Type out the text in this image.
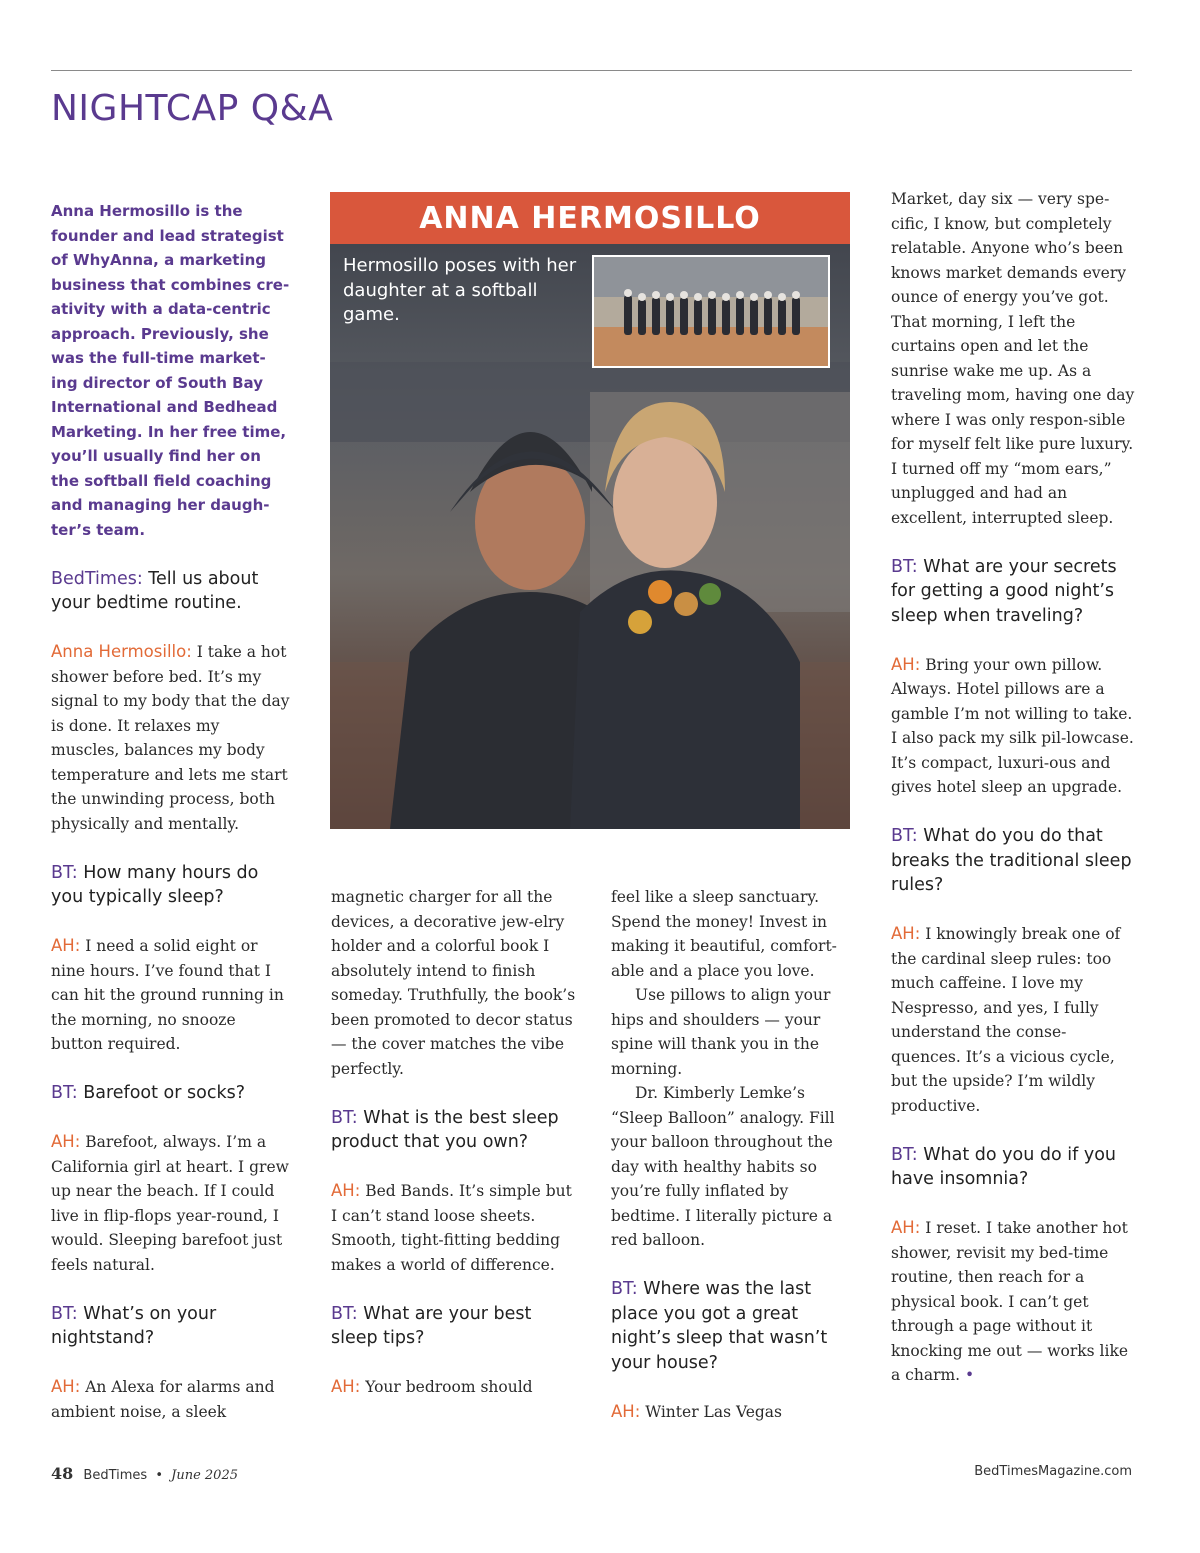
NIGHTCAP Q&A

Anna Hermosillo is the founder and lead strategist of WhyAnna, a marketing business that combines cre-ativity with a data-centric approach. Previously, she was the full-time market-ing director of South Bay International and Bedhead Marketing. In her free time, you’ll usually find her on the softball field coaching and managing her daugh-ter’s team.

BedTimes: Tell us about your bedtime routine.

Anna Hermosillo: I take a hot shower before bed. It’s my signal to my body that the day is done. It relaxes my muscles, balances my body temperature and lets me start the unwinding process, both physically and mentally.

BT: How many hours do you typically sleep?

AH: I need a solid eight or nine hours. I’ve found that I can hit the ground running in the morning, no snooze button required.

BT: Barefoot or socks?

AH: Barefoot, always. I’m a California girl at heart. I grew up near the beach. If I could live in flip-flops year-round, I would. Sleeping barefoot just feels natural.

BT: What’s on your nightstand?

AH: An Alexa for alarms and ambient noise, a sleek

ANNA HERMOSILLO
Hermosillo poses with her daughter at a softball game.

magnetic charger for all the devices, a decorative jew-elry holder and a colorful book I absolutely intend to finish someday. Truthfully, the book’s been promoted to decor status — the cover matches the vibe perfectly.

BT: What is the best sleep product that you own?

AH: Bed Bands. It’s simple but I can’t stand loose sheets. Smooth, tight-fitting bedding makes a world of difference.

BT: What are your best sleep tips?

AH: Your bedroom should

feel like a sleep sanctuary. Spend the money! Invest in making it beautiful, comfort-able and a place you love.

Use pillows to align your hips and shoulders — your spine will thank you in the morning.

Dr. Kimberly Lemke’s “Sleep Balloon” analogy. Fill your balloon throughout the day with healthy habits so you’re fully inflated by bedtime. I literally picture a red balloon.

BT: Where was the last place you got a great night’s sleep that wasn’t your house?

AH: Winter Las Vegas

Market, day six — very spe-cific, I know, but completely relatable. Anyone who’s been knows market demands every ounce of energy you’ve got. That morning, I left the curtains open and let the sunrise wake me up. As a traveling mom, having one day where I was only respon-sible for myself felt like pure luxury. I turned off my “mom ears,” unplugged and had an excellent, interrupted sleep.

BT: What are your secrets for getting a good night’s sleep when traveling?

AH: Bring your own pillow. Always. Hotel pillows are a gamble I’m not willing to take. I also pack my silk pil-lowcase. It’s compact, luxuri-ous and gives hotel sleep an upgrade.

BT: What do you do that breaks the traditional sleep rules?

AH: I knowingly break one of the cardinal sleep rules: too much caffeine. I love my Nespresso, and yes, I fully understand the conse-quences. It’s a vicious cycle, but the upside? I’m wildly productive.

BT: What do you do if you have insomnia?

AH: I reset. I take another hot shower, revisit my bed-time routine, then reach for a physical book. I can’t get through a page without it knocking me out — works like a charm. •

48 BedTimes • June 2025	BedTimesMagazine.com
